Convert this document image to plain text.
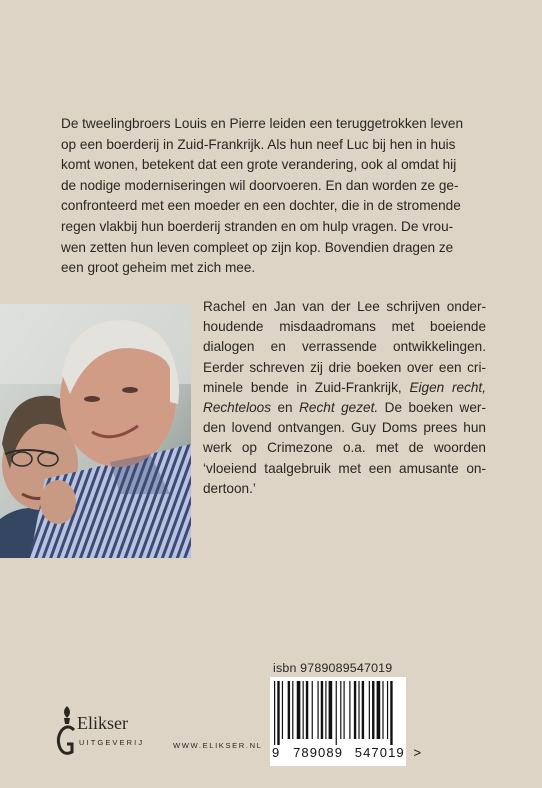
De tweelingbroers Louis en Pierre leiden een teruggetrokken leven
op een boerderij in Zuid-Frankrijk. Als hun neef Luc bij hen in huis
komt wonen, betekent dat een grote verandering, ook al omdat hij
de nodige moderniseringen wil doorvoeren. En dan worden ze ge-
confronteerd met een moeder en een dochter, die in de stromende
regen vlakbij hun boerderij stranden en om hulp vragen. De vrou-
wen zetten hun leven compleet op zijn kop. Bovendien dragen ze
een groot geheim met zich mee.
Rachel en Jan van der Lee schrijven onder-
houdende misdaadromans met boeiende
dialogen en verrassende ontwikkelingen.
Eerder schreven zij drie boeken over een cri-
minele bende in Zuid-Frankrijk, Eigen recht,
Rechteloos en Recht gezet. De boeken wer-
den lovend ontvangen. Guy Doms prees hun
werk op Crimezone o.a. met de woorden
‘vloeiend taalgebruik met een amusante on-
dertoon.’
isbn 9789089547019
9 789089 547019 >
Elikser
UITGEVERIJ	WWW.ELIKSER.NL
